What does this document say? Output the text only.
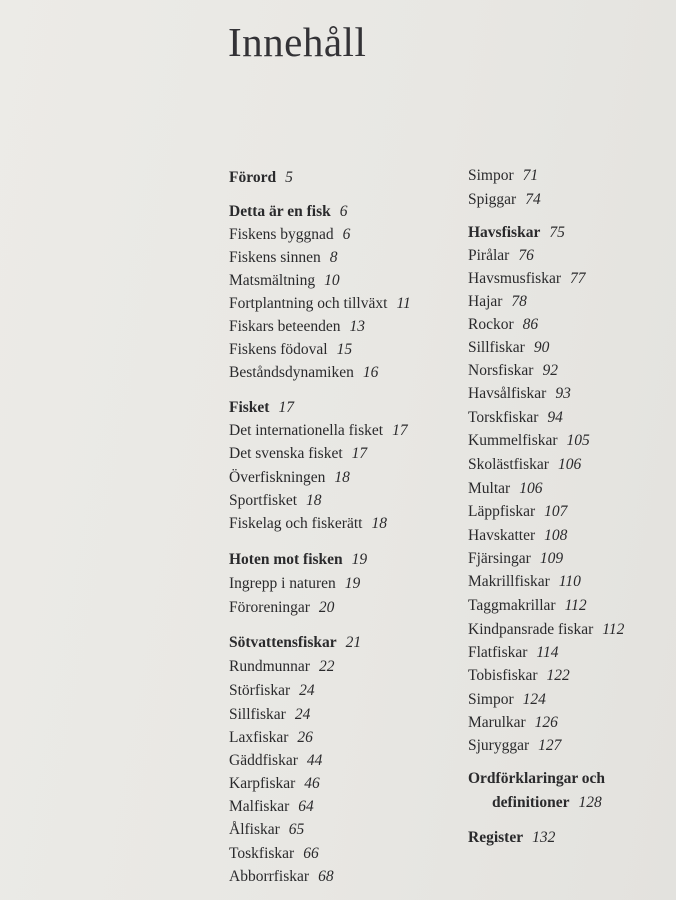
Innehåll
Förord 5
Detta är en fisk 6
Fiskens byggnad 6
Fiskens sinnen 8
Matsmältning 10
Fortplantning och tillväxt 11
Fiskars beteenden 13
Fiskens födoval 15
Beståndsdynamiken 16
Fisket 17
Det internationella fisket 17
Det svenska fisket 17
Överfiskningen 18
Sportfisket 18
Fiskelag och fiskerätt 18
Hoten mot fisken 19
Ingrepp i naturen 19
Föroreningar 20
Sötvattensfiskar 21
Rundmunnar 22
Störfiskar 24
Sillfiskar 24
Laxfiskar 26
Gäddfiskar 44
Karpfiskar 46
Malfiskar 64
Ålfiskar 65
Toskfiskar 66
Abborrfiskar 68
Simpor 71
Spiggar 74
Havsfiskar 75
Pirålar 76
Havsmusfiskar 77
Hajar 78
Rockor 86
Sillfiskar 90
Norsfiskar 92
Havsålfiskar 93
Torskfiskar 94
Kummelfiskar 105
Skolästfiskar 106
Multar 106
Läppfiskar 107
Havskatter 108
Fjärsingar 109
Makrillfiskar 110
Taggmakrillar 112
Kindpansrade fiskar 112
Flatfiskar 114
Tobisfiskar 122
Simpor 124
Marulkar 126
Sjuryggar 127
Ordförklaringar och
definitioner 128
Register 132
